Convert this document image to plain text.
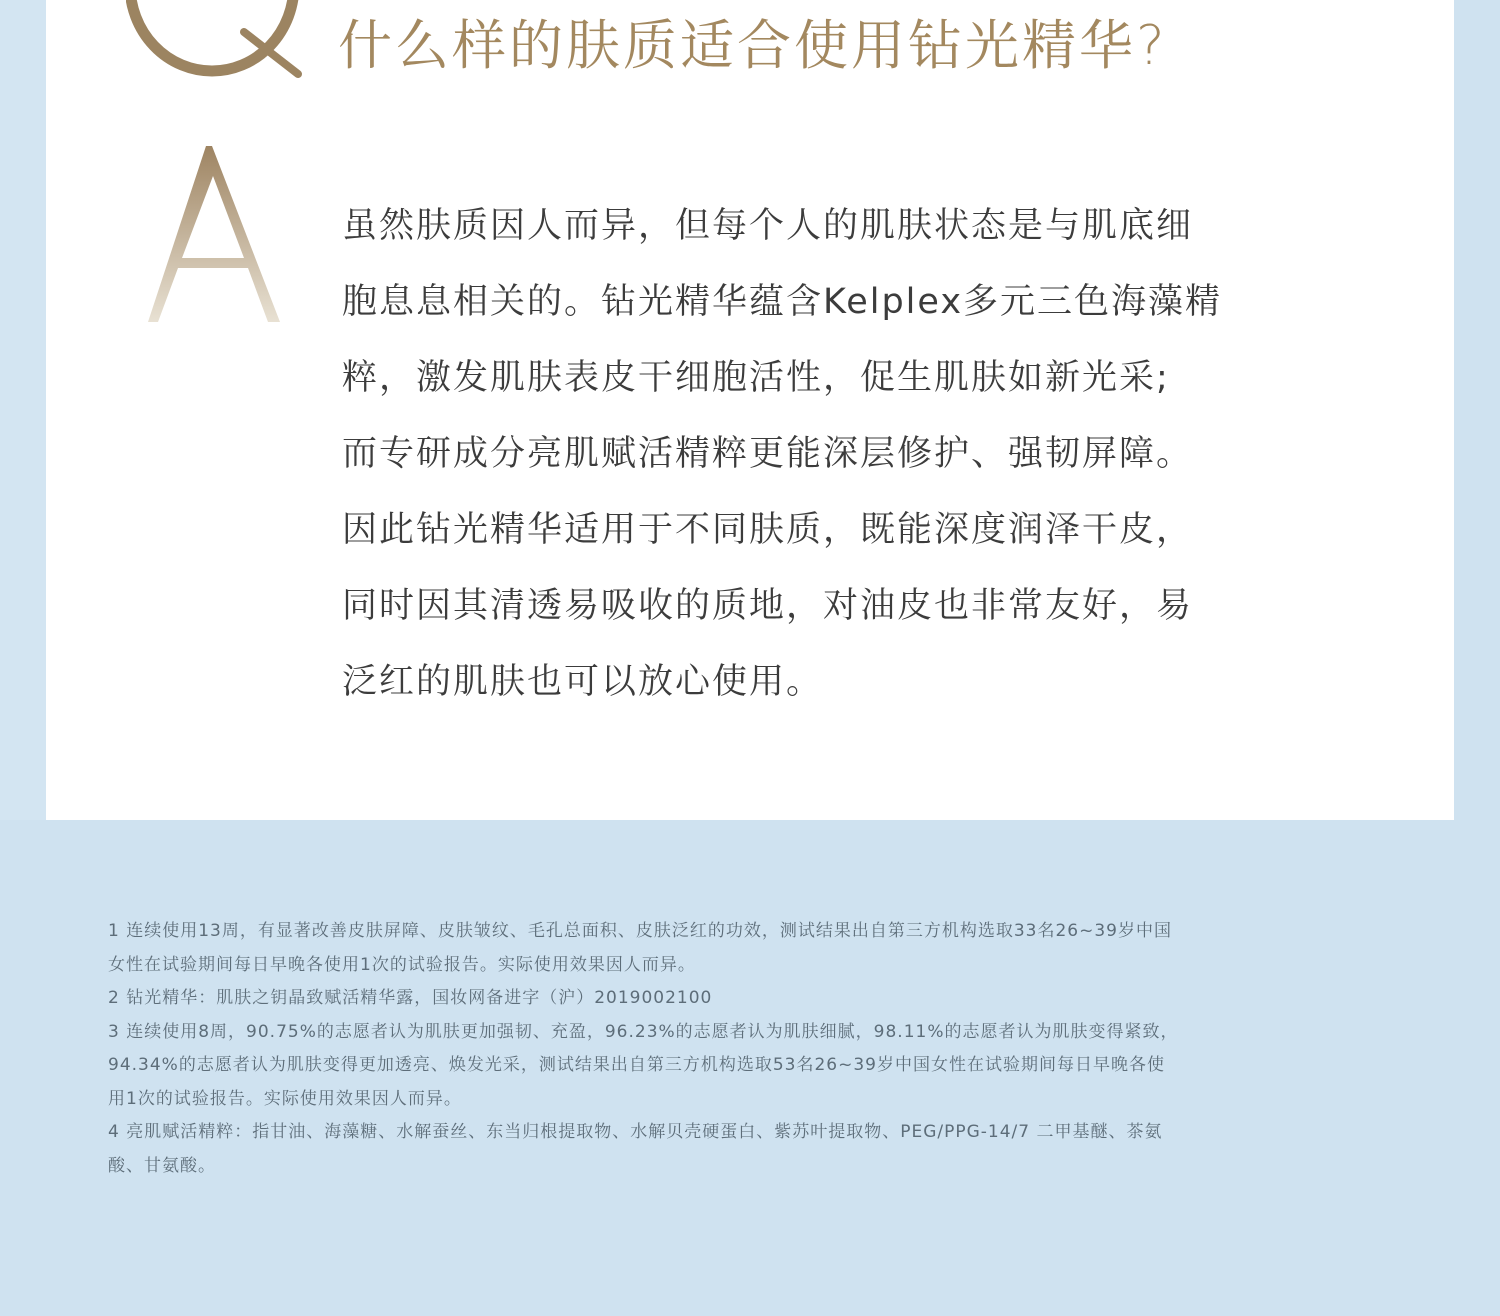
什么样的肤质适合使用钻光精华?
虽然肤质因人而异，但每个人的肌肤状态是与肌底细
胞息息相关的。钻光精华蕴含Kelplex多元三色海藻精
粹，激发肌肤表皮干细胞活性，促生肌肤如新光采;
而专研成分亮肌赋活精粹更能深层修护、强韧屏障。
因此钻光精华适用于不同肤质，既能深度润泽干皮，
同时因其清透易吸收的质地，对油皮也非常友好，易
泛红的肌肤也可以放心使用。
1 连续使用13周，有显著改善皮肤屏障、皮肤皱纹、毛孔总面积、皮肤泛红的功效，测试结果出自第三方机构选取33名26~39岁中国
女性在试验期间每日早晚各使用1次的试验报告。实际使用效果因人而异。
2 钻光精华：肌肤之钥晶致赋活精华露，国妆网备进字（沪）2019002100
3 连续使用8周，90.75%的志愿者认为肌肤更加强韧、充盈，96.23%的志愿者认为肌肤细腻，98.11%的志愿者认为肌肤变得紧致，
94.34%的志愿者认为肌肤变得更加透亮、焕发光采，测试结果出自第三方机构选取53名26~39岁中国女性在试验期间每日早晚各使
用1次的试验报告。实际使用效果因人而异。
4 亮肌赋活精粹：指甘油、海藻糖、水解蚕丝、东当归根提取物、水解贝壳硬蛋白、紫苏叶提取物、PEG/PPG-14/7 二甲基醚、茶氨
酸、甘氨酸。
